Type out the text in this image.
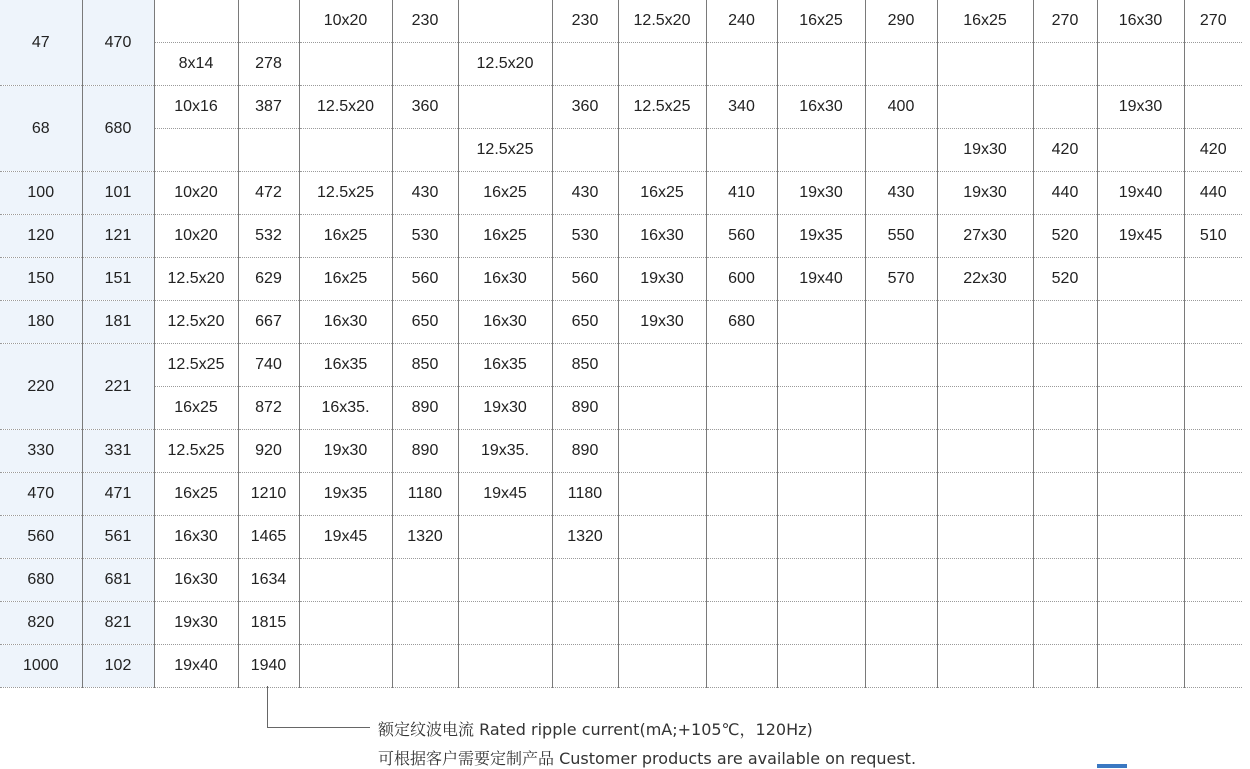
47	470			10x20	230		230	12.5x20	240	16x25	290	16x25	270	16x30	270
		8x14	278			12.5x20									
68	680	10x16	387	12.5x20	360		360	12.5x25	340	16x30	400			19x30	
						12.5x25						19x30	420		420
100	101	10x20	472	12.5x25	430	16x25	430	16x25	410	19x30	430	19x30	440	19x40	440
120	121	10x20	532	16x25	530	16x25	530	16x30	560	19x35	550	27x30	520	19x45	510
150	151	12.5x20	629	16x25	560	16x30	560	19x30	600	19x40	570	22x30	520		
180	181	12.5x20	667	16x30	650	16x30	650	19x30	680						
220	221	12.5x25	740	16x35	850	16x35	850								
		16x25	872	16x35.	890	19x30	890								
330	331	12.5x25	920	19x30	890	19x35.	890								
470	471	16x25	1210	19x35	1180	19x45	1180								
560	561	16x30	1465	19x45	1320		1320								
680	681	16x30	1634												
820	821	19x30	1815												
1000	102	19x40	1940												
额定纹波电流 Rated ripple current(mA;+105℃，120Hz)
可根据客户需要定制产品 Customer products are available on request.
